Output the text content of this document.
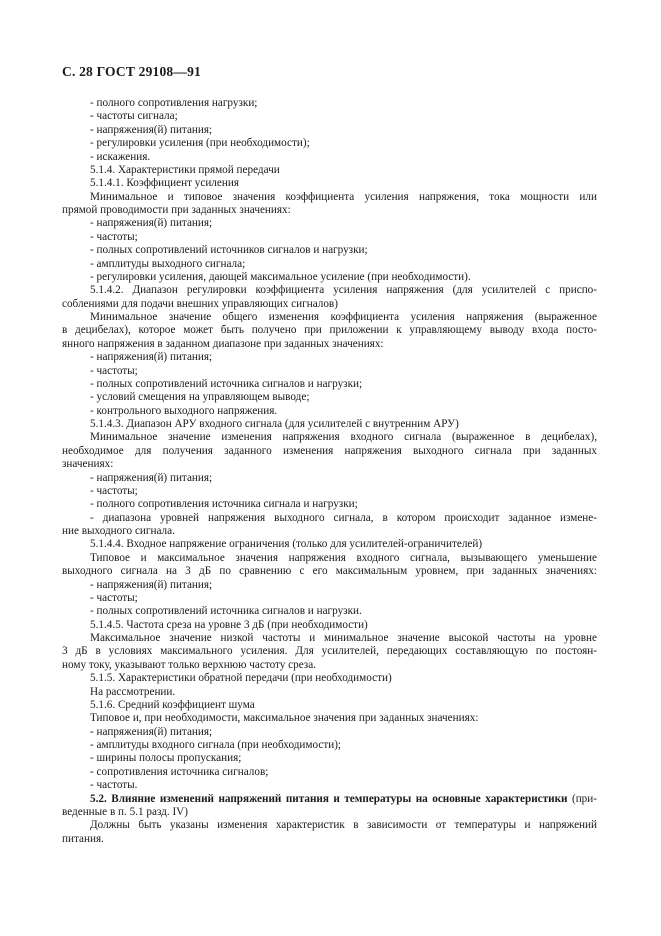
С. 28 ГОСТ 29108—91
- полного сопротивления нагрузки;
- частоты сигнала;
- напряжения(й) питания;
- регулировки усиления (при необходимости);
- искажения.
5.1.4. Характеристики прямой передачи
5.1.4.1. Коэффициент усиления
Минимальное и типовое значения коэффициента усиления напряжения, тока мощности или
прямой проводимости при заданных значениях:
- напряжения(й) питания;
- частоты;
- полных сопротивлений источников сигналов и нагрузки;
- амплитуды выходного сигнала;
- регулировки усиления, дающей максимальное усиление (при необходимости).
5.1.4.2. Диапазон регулировки коэффициента усиления напряжения (для усилителей с приспо-
соблениями для подачи внешних управляющих сигналов)
Минимальное значение общего изменения коэффициента усиления напряжения (выраженное
в децибелах), которое может быть получено при приложении к управляющему выводу входа посто-
янного напряжения в заданном диапазоне при заданных значениях:
- напряжения(й) питания;
- частоты;
- полных сопротивлений источника сигналов и нагрузки;
- условий смещения на управляющем выводе;
- контрольного выходного напряжения.
5.1.4.3. Диапазон АРУ входного сигнала (для усилителей с внутренним АРУ)
Минимальное значение изменения напряжения входного сигнала (выраженное в децибелах),
необходимое для получения заданного изменения напряжения выходного сигнала при заданных
значениях:
- напряжения(й) питания;
- частоты;
- полного сопротивления источника сигнала и нагрузки;
- диапазона уровней напряжения выходного сигнала, в котором происходит заданное измене-
ние выходного сигнала.
5.1.4.4. Входное напряжение ограничения (только для усилителей-ограничителей)
Типовое и максимальное значения напряжения входного сигнала, вызывающего уменьшение
выходного сигнала на 3 дБ по сравнению с его максимальным уровнем, при заданных значениях:
- напряжения(й) питания;
- частоты;
- полных сопротивлений источника сигналов и нагрузки.
5.1.4.5. Частота среза на уровне 3 дБ (при необходимости)
Максимальное значение низкой частоты и минимальное значение высокой частоты на уровне
3 дБ в условиях максимального усиления. Для усилителей, передающих составляющую по постоян-
ному току, указывают только верхнюю частоту среза.
5.1.5. Характеристики обратной передачи (при необходимости)
На рассмотрении.
5.1.6. Средний коэффициент шума
Типовое и, при необходимости, максимальное значения при заданных значениях:
- напряжения(й) питания;
- амплитуды входного сигнала (при необходимости);
- ширины полосы пропускания;
- сопротивления источника сигналов;
- частоты.
5.2. Влияние изменений напряжений питания и температуры на основные характеристики (при-
веденные в п. 5.1 разд. IV)
Должны быть указаны изменения характеристик в зависимости от температуры и напряжений
питания.
